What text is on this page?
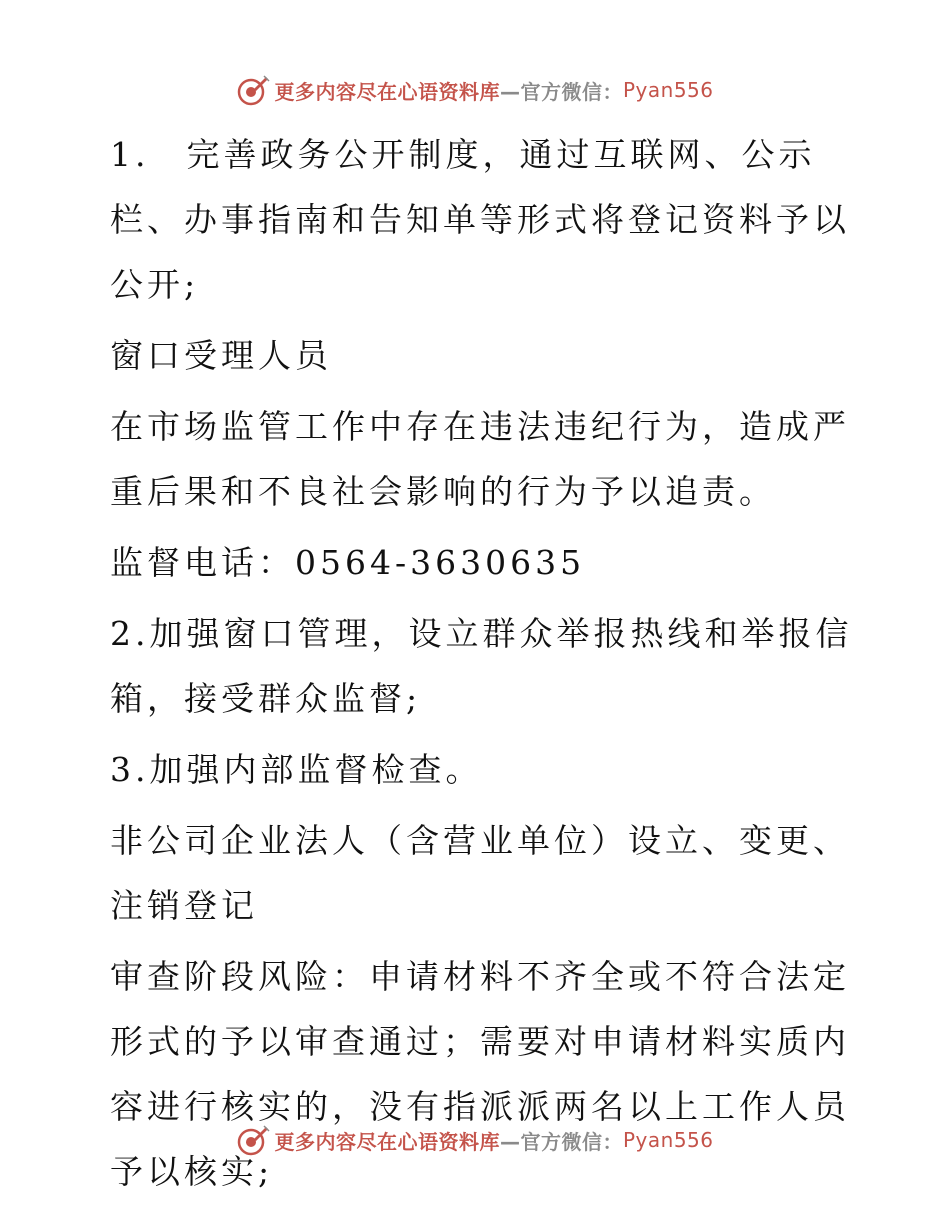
更多内容尽在心语资料库 —官方微信： Pyan556

1.　完善政务公开制度，通过互联网、公示栏、办事指南和告知单等形式将登记资料予以公开;

窗口受理人员

在市场监管工作中存在违法违纪行为，造成严重后果和不良社会影响的行为予以追责。

监督电话：0564-3630635

2.加强窗口管理，设立群众举报热线和举报信箱，接受群众监督;

3.加强内部监督检查。

非公司企业法人（含营业单位）设立、变更、注销登记

审查阶段风险：申请材料不齐全或不符合法定形式的予以审查通过；需要对申请材料实质内容进行核实的，没有指派派两名以上工作人员予以核实;

更多内容尽在心语资料库 —官方微信： Pyan556
